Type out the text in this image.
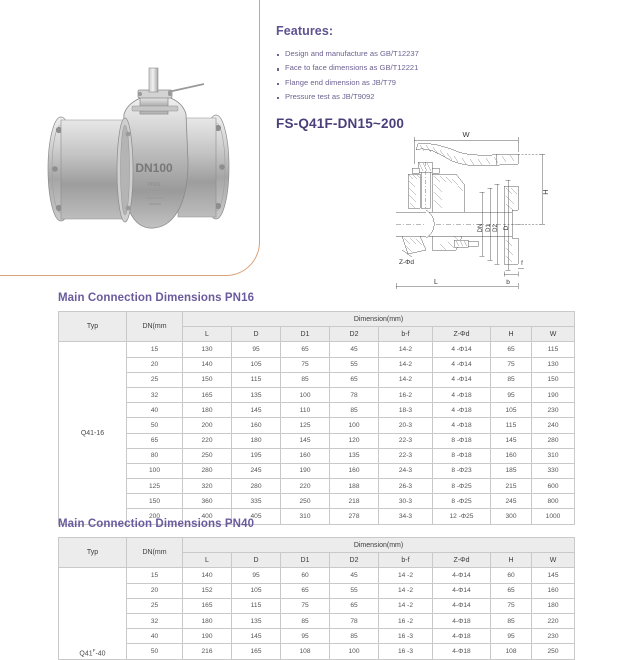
DN100
PN16
Features:
Design and manufacture as GB/T12237
Face to face dimensions as GB/T12221
Flange end dimension as JB/T79
Pressure test as JB/T9092
FS-Q41F-DN15~200
W
H
DN D1 D2 D
b
f
Z-Φd
L
Main Connection Dimensions PN16
Typ	DN(mm	Dimension(mm)							
		L	D	D1	D2	b-f	Z-Φd	H	W
Q41-16	15	130	95	65	45	14-2	4 -Φ14	65	115
	20	140	105	75	55	14-2	4 -Φ14	75	130
	25	150	115	85	65	14-2	4 -Φ14	85	150
	32	165	135	100	78	16-2	4 -Φ18	95	190
	40	180	145	110	85	18-3	4 -Φ18	105	230
	50	200	160	125	100	20-3	4 -Φ18	115	240
	65	220	180	145	120	22-3	8 -Φ18	145	280
	80	250	195	160	135	22-3	8 -Φ18	160	310
	100	280	245	190	160	24-3	8 -Φ23	185	330
	125	320	280	220	188	26-3	8 -Φ25	215	600
	150	360	335	250	218	30-3	8 -Φ25	245	800
	200	400	405	310	278	34-3	12 -Φ25	300	1000
Main Connection Dimensions PN40
Typ	DN(mm	Dimension(mm)							
		L	D	D1	D2	b-f	Z-Φd	H	W
$Q41^F-40$	15	140	95	60	45	14 -2	4-Φ14	60	145
	20	152	105	65	55	14 -2	4-Φ14	65	160
	25	165	115	75	65	14 -2	4-Φ14	75	180
	32	180	135	85	78	16 -2	4-Φ18	85	220
	40	190	145	95	85	16 -3	4-Φ18	95	230
	50	216	165	108	100	16 -3	4-Φ18	108	250
